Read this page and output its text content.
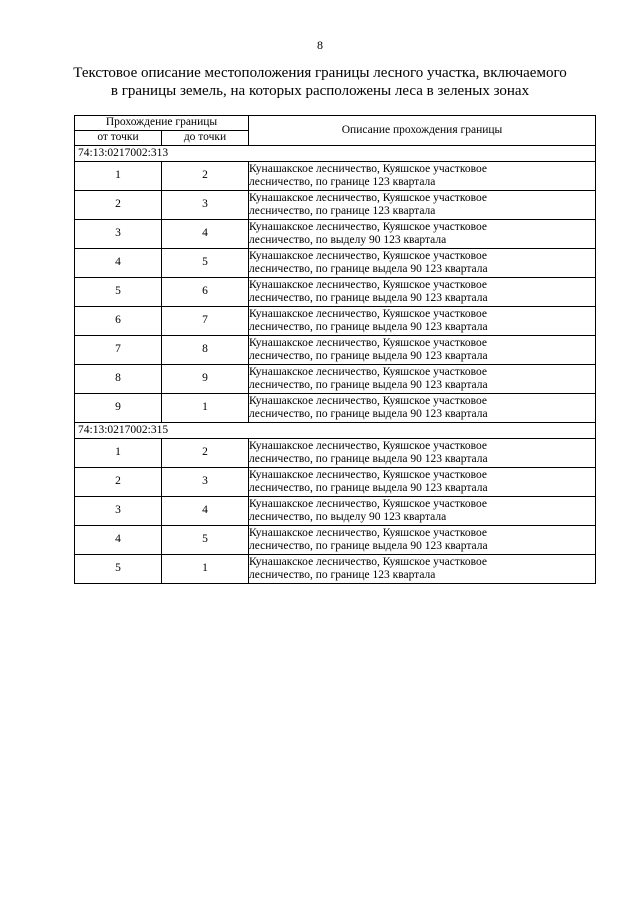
8
Текстовое описание местоположения границы лесного участка, включаемого
в границы земель, на которых расположены леса в зеленых зонах
Прохождение границы		Описание прохождения границы
от точки	до точки	
74:13:0217002:313		
1	2	Кунашакское лесничество, Куяшское участковое
лесничество, по границе 123 квартала

2	3	Кунашакское лесничество, Куяшское участковое
лесничество, по границе 123 квартала

3	4	Кунашакское лесничество, Куяшское участковое
лесничество, по выделу 90 123 квартала

4	5	Кунашакское лесничество, Куяшское участковое
лесничество, по границе выдела 90 123 квартала

5	6	Кунашакское лесничество, Куяшское участковое
лесничество, по границе выдела 90 123 квартала

6	7	Кунашакское лесничество, Куяшское участковое
лесничество, по границе выдела 90 123 квартала

7	8	Кунашакское лесничество, Куяшское участковое
лесничество, по границе выдела 90 123 квартала

8	9	Кунашакское лесничество, Куяшское участковое
лесничество, по границе выдела 90 123 квартала

9	1	Кунашакское лесничество, Куяшское участковое
лесничество, по границе выдела 90 123 квартала

74:13:0217002:315		
1	2	Кунашакское лесничество, Куяшское участковое
лесничество, по границе выдела 90 123 квартала

2	3	Кунашакское лесничество, Куяшское участковое
лесничество, по границе выдела 90 123 квартала

3	4	Кунашакское лесничество, Куяшское участковое
лесничество, по выделу 90 123 квартала

4	5	Кунашакское лесничество, Куяшское участковое
лесничество, по границе выдела 90 123 квартала

5	1	Кунашакское лесничество, Куяшское участковое
лесничество, по границе 123 квартала
